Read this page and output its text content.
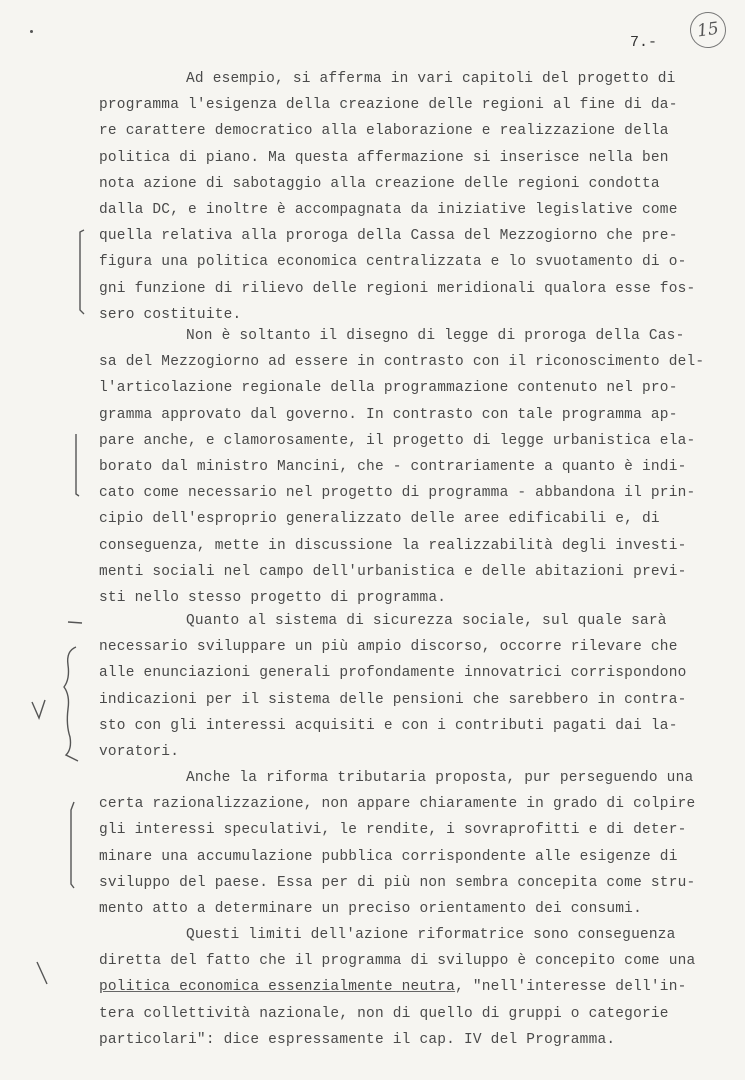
7.-
15
Ad esempio, si afferma in vari capitoli del progetto di
programma l'esigenza della creazione delle regioni al fine di da-
re carattere democratico alla elaborazione e realizzazione della
politica di piano. Ma questa affermazione si inserisce nella ben
nota azione di sabotaggio alla creazione delle regioni condotta
dalla DC, e inoltre è accompagnata da iniziative legislative come
quella relativa alla proroga della Cassa del Mezzogiorno che pre-
figura una politica economica centralizzata e lo svuotamento di o-
gni funzione di rilievo delle regioni meridionali qualora esse fos-
sero costituite.
Non è soltanto il disegno di legge di proroga della Cas-
sa del Mezzogiorno ad essere in contrasto con il riconoscimento del-
l'articolazione regionale della programmazione contenuto nel pro-
gramma approvato dal governo. In contrasto con tale programma ap-
pare anche, e clamorosamente, il progetto di legge urbanistica ela-
borato dal ministro Mancini, che - contrariamente a quanto è indi-
cato come necessario nel progetto di programma - abbandona il prin-
cipio dell'esproprio generalizzato delle aree edificabili e, di
conseguenza, mette in discussione la realizzabilità degli investi-
menti sociali nel campo dell'urbanistica e delle abitazioni previ-
sti nello stesso progetto di programma.
Quanto al sistema di sicurezza sociale, sul quale sarà
necessario sviluppare un più ampio discorso, occorre rilevare che
alle enunciazioni generali profondamente innovatrici corrispondono
indicazioni per il sistema delle pensioni che sarebbero in contra-
sto con gli interessi acquisiti e con i contributi pagati dai la-
voratori.
Anche la riforma tributaria proposta, pur perseguendo una
certa razionalizzazione, non appare chiaramente in grado di colpire
gli interessi speculativi, le rendite, i sovraprofitti e di deter-
minare una accumulazione pubblica corrispondente alle esigenze di
sviluppo del paese. Essa per di più non sembra concepita come stru-
mento atto a determinare un preciso orientamento dei consumi.
Questi limiti dell'azione riformatrice sono conseguenza
diretta del fatto che il programma di sviluppo è concepito come una
politica economica essenzialmente neutra, "nell'interesse dell'in-
tera collettività nazionale, non di quello di gruppi o categorie
particolari": dice espressamente il cap. IV del Programma.
